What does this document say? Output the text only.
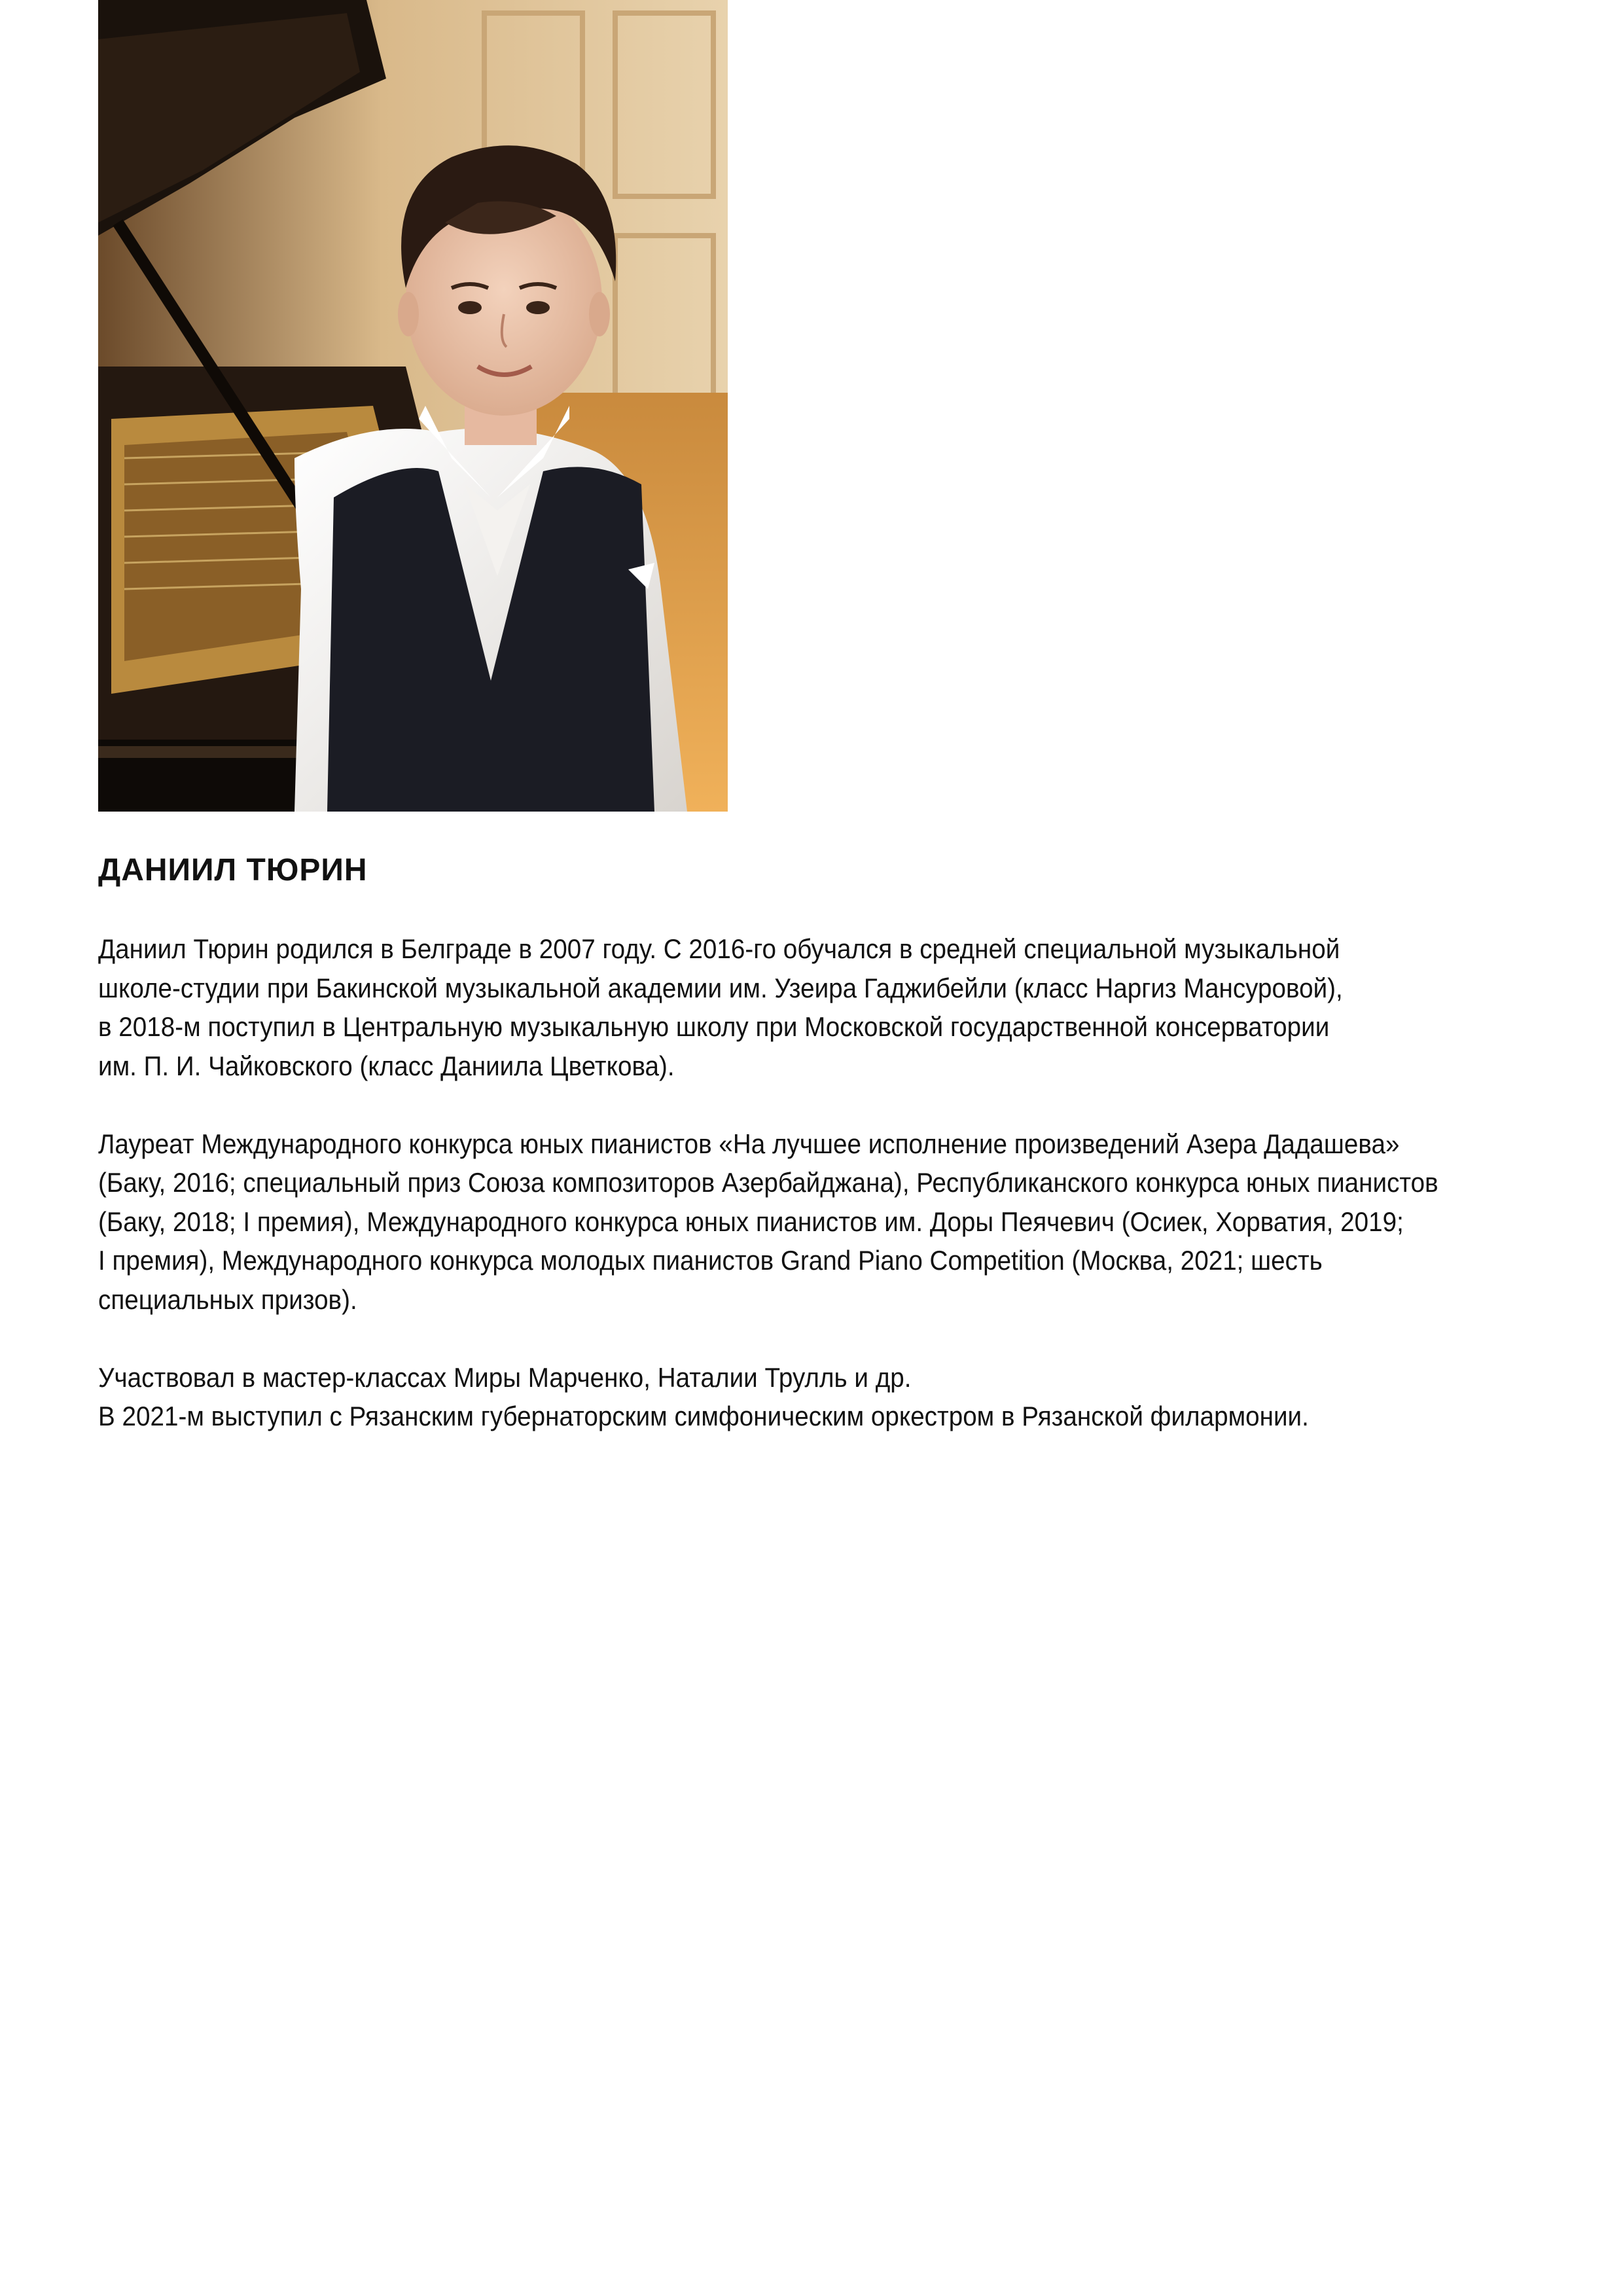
ДАНИИЛ ТЮРИН

Даниил Тюрин родился в Белграде в 2007 году. С 2016-го обучался в средней специальной музыкальной
школе-студии при Бакинской музыкальной академии им. Узеира Гаджибейли (класс Наргиз Мансуровой),
в 2018-м поступил в Центральную музыкальную школу при Московской государственной консерватории
им. П. И. Чайковского (класс Даниила Цветкова).

Лауреат Международного конкурса юных пианистов «На лучшее исполнение произведений Азера Дадашева»
(Баку, 2016; специальный приз Союза композиторов Азербайджана), Республиканского конкурса юных пианистов
(Баку, 2018; I премия), Международного конкурса юных пианистов им. Доры Пеячевич (Осиек, Хорватия, 2019;
I премия), Международного конкурса молодых пианистов Grand Piano Competition (Москва, 2021; шесть
специальных призов).

Участвовал в мастер-классах Миры Марченко, Наталии Трулль и др.
В 2021-м выступил с Рязанским губернаторским симфоническим оркестром в Рязанской филармонии.
